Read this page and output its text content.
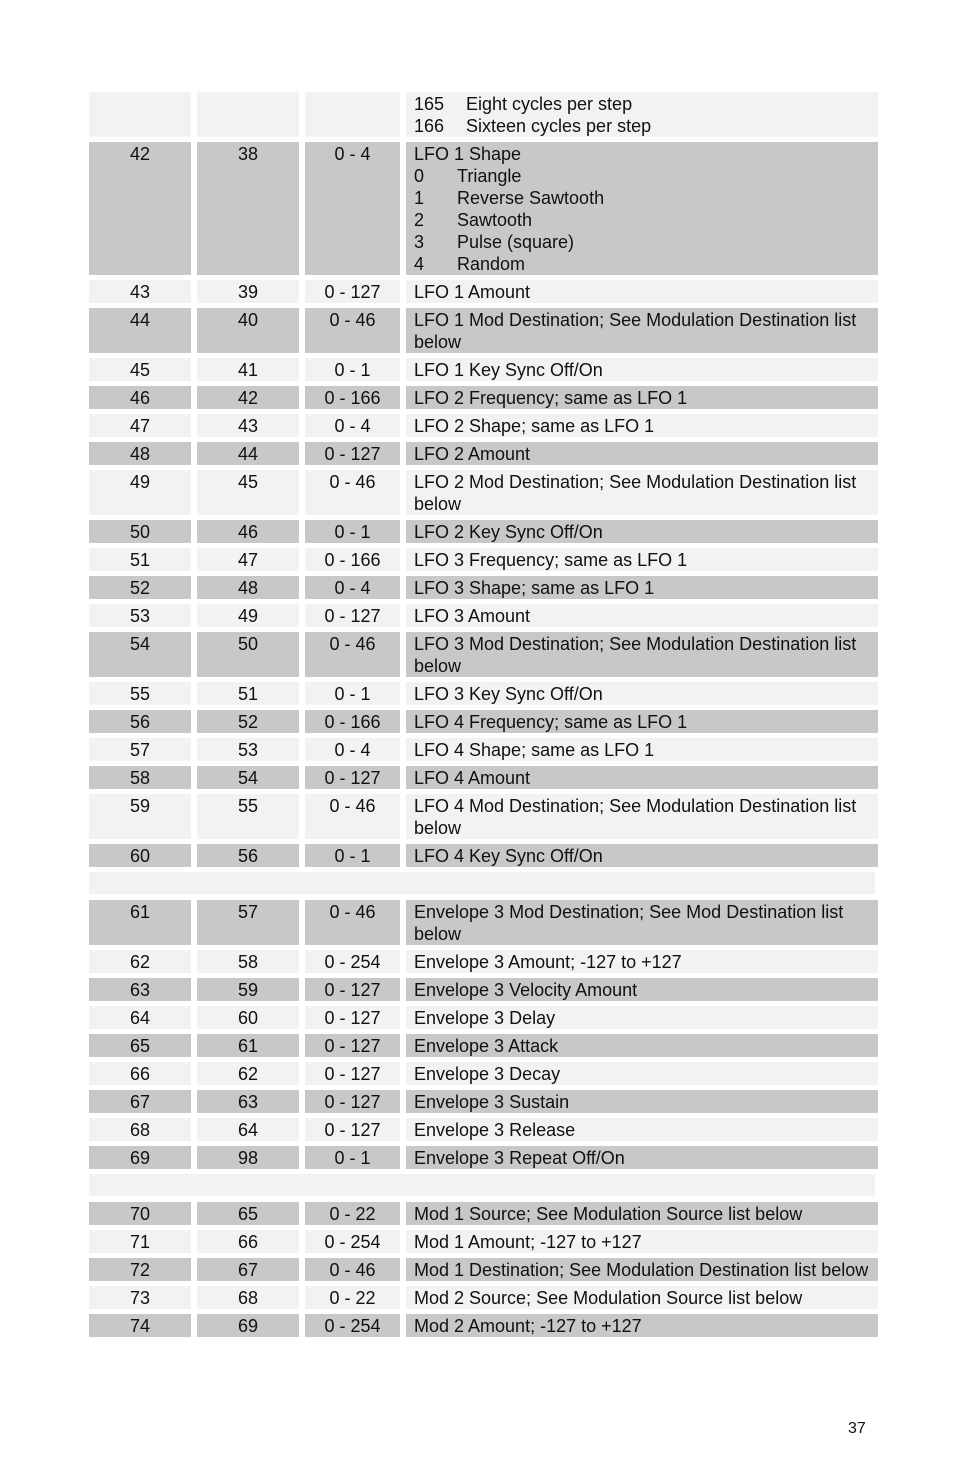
165	Eight cycles per step
166	Sixteen cycles per step
42	38	0 - 4	LFO 1 Shape
0	Triangle
1	Reverse Sawtooth
2	Sawtooth
3	Pulse (square)
4	Random
43	39	0 - 127	LFO 1 Amount
44	40	0 - 46	LFO 1 Mod Destination; See Modulation Destination list below
45	41	0 - 1	LFO 1 Key Sync Off/On
46	42	0 - 166	LFO 2 Frequency; same as LFO 1
47	43	0 - 4	LFO 2 Shape; same as LFO 1
48	44	0 - 127	LFO 2 Amount
49	45	0 - 46	LFO 2 Mod Destination; See Modulation Destination list below
50	46	0 - 1	LFO 2 Key Sync Off/On
51	47	0 - 166	LFO 3 Frequency; same as LFO 1
52	48	0 - 4	LFO 3 Shape; same as LFO 1
53	49	0 - 127	LFO 3 Amount
54	50	0 - 46	LFO 3 Mod Destination; See Modulation Destination list below
55	51	0 - 1	LFO 3 Key Sync Off/On
56	52	0 - 166	LFO 4 Frequency; same as LFO 1
57	53	0 - 4	LFO 4 Shape; same as LFO 1
58	54	0 - 127	LFO 4 Amount
59	55	0 - 46	LFO 4 Mod Destination; See Modulation Destination list below
60	56	0 - 1	LFO 4 Key Sync Off/On
61	57	0 - 46	Envelope 3 Mod Destination; See Mod Destination list below
62	58	0 - 254	Envelope 3 Amount; -127 to +127
63	59	0 - 127	Envelope 3 Velocity Amount
64	60	0 - 127	Envelope 3 Delay
65	61	0 - 127	Envelope 3 Attack
66	62	0 - 127	Envelope 3 Decay
67	63	0 - 127	Envelope 3 Sustain
68	64	0 - 127	Envelope 3 Release
69	98	0 - 1	Envelope 3 Repeat Off/On
70	65	0 - 22	Mod 1 Source; See Modulation Source list below
71	66	0 - 254	Mod 1 Amount; -127 to +127
72	67	0 - 46	Mod 1 Destination; See Modulation Destination list below
73	68	0 - 22	Mod 2 Source; See Modulation Source list below
74	69	0 - 254	Mod 2 Amount; -127 to +127
37
